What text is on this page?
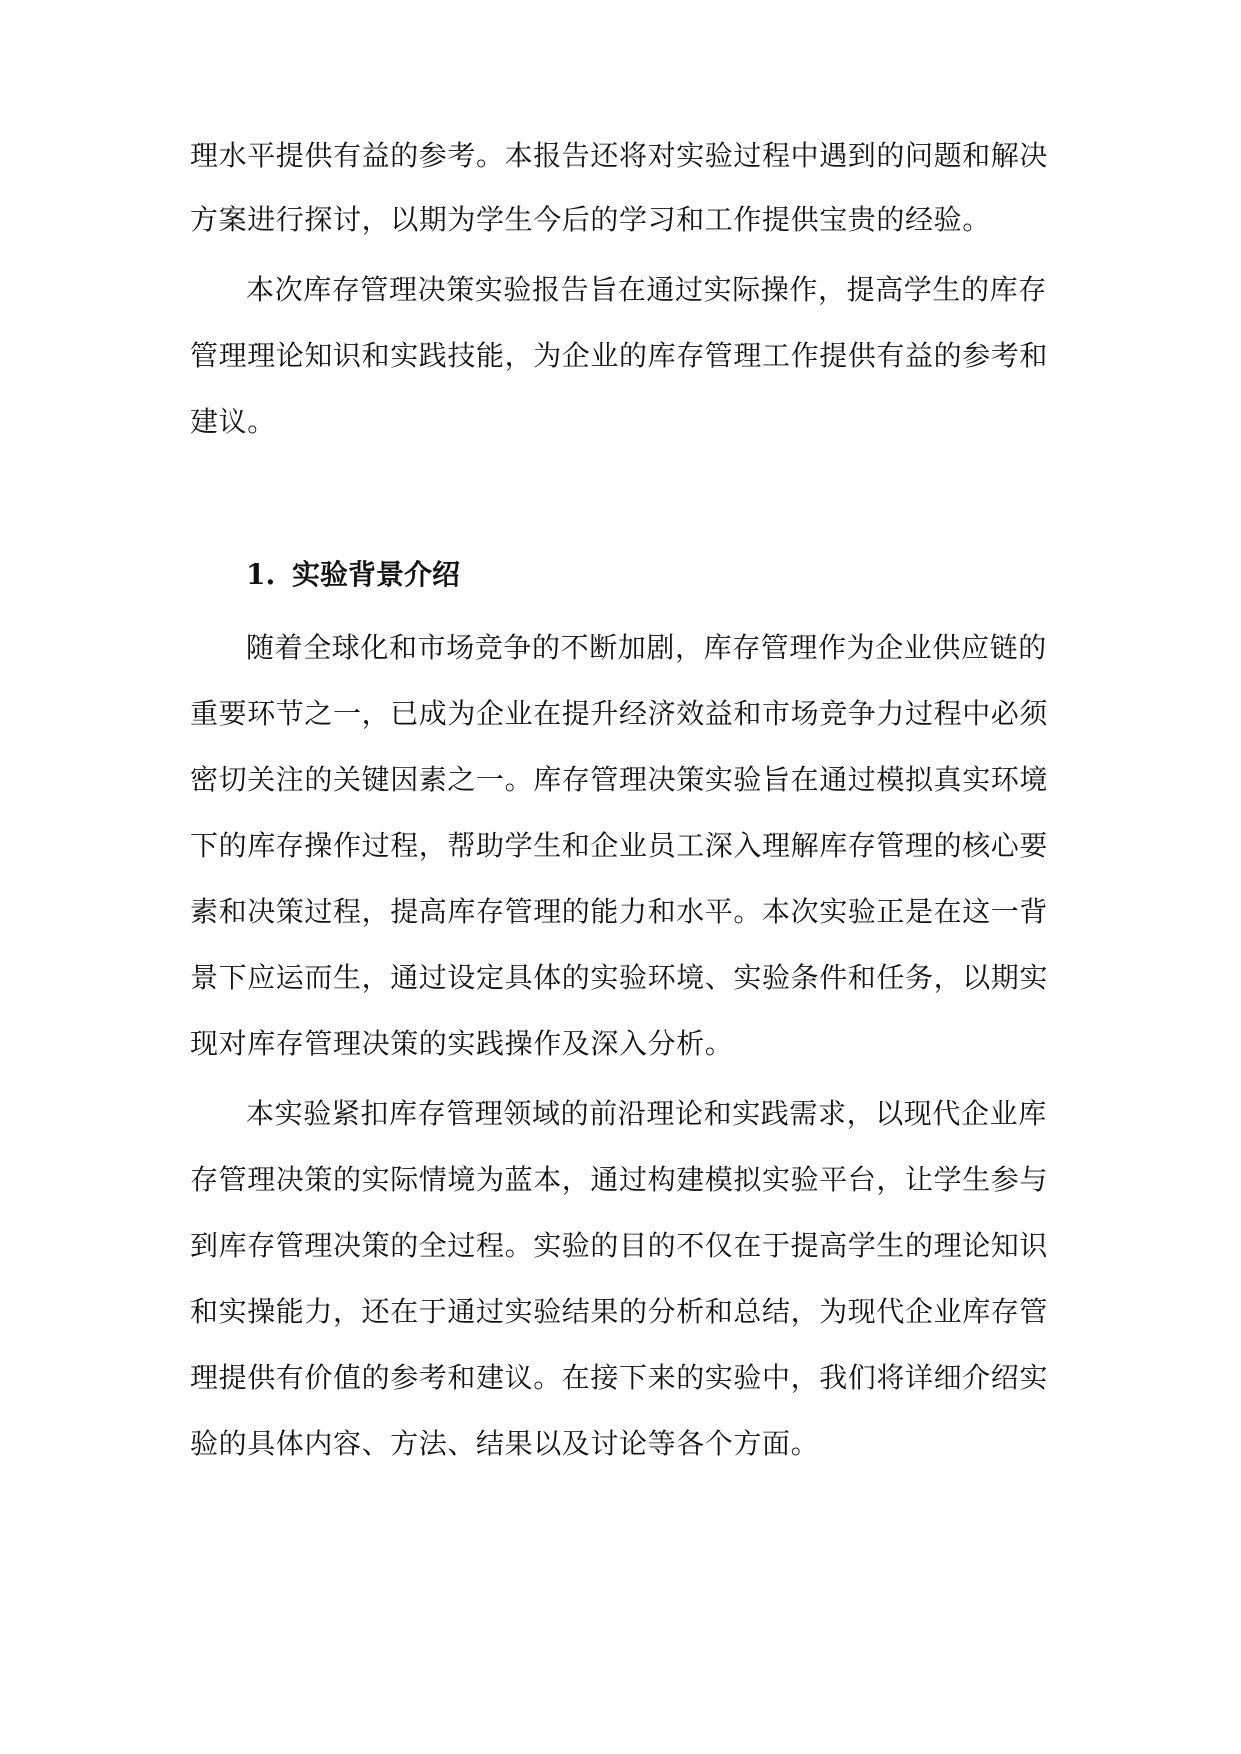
理水平提供有益的参考。本报告还将对实验过程中遇到的问题和解决
方案进行探讨，以期为学生今后的学习和工作提供宝贵的经验。
本次库存管理决策实验报告旨在通过实际操作，提高学生的库存
管理理论知识和实践技能，为企业的库存管理工作提供有益的参考和
建议。
1. 实验背景介绍
随着全球化和市场竞争的不断加剧，库存管理作为企业供应链的
重要环节之一，已成为企业在提升经济效益和市场竞争力过程中必须
密切关注的关键因素之一。库存管理决策实验旨在通过模拟真实环境
下的库存操作过程，帮助学生和企业员工深入理解库存管理的核心要
素和决策过程，提高库存管理的能力和水平。本次实验正是在这一背
景下应运而生，通过设定具体的实验环境、实验条件和任务，以期实
现对库存管理决策的实践操作及深入分析。
本实验紧扣库存管理领域的前沿理论和实践需求，以现代企业库
存管理决策的实际情境为蓝本，通过构建模拟实验平台，让学生参与
到库存管理决策的全过程。实验的目的不仅在于提高学生的理论知识
和实操能力，还在于通过实验结果的分析和总结，为现代企业库存管
理提供有价值的参考和建议。在接下来的实验中，我们将详细介绍实
验的具体内容、方法、结果以及讨论等各个方面。
